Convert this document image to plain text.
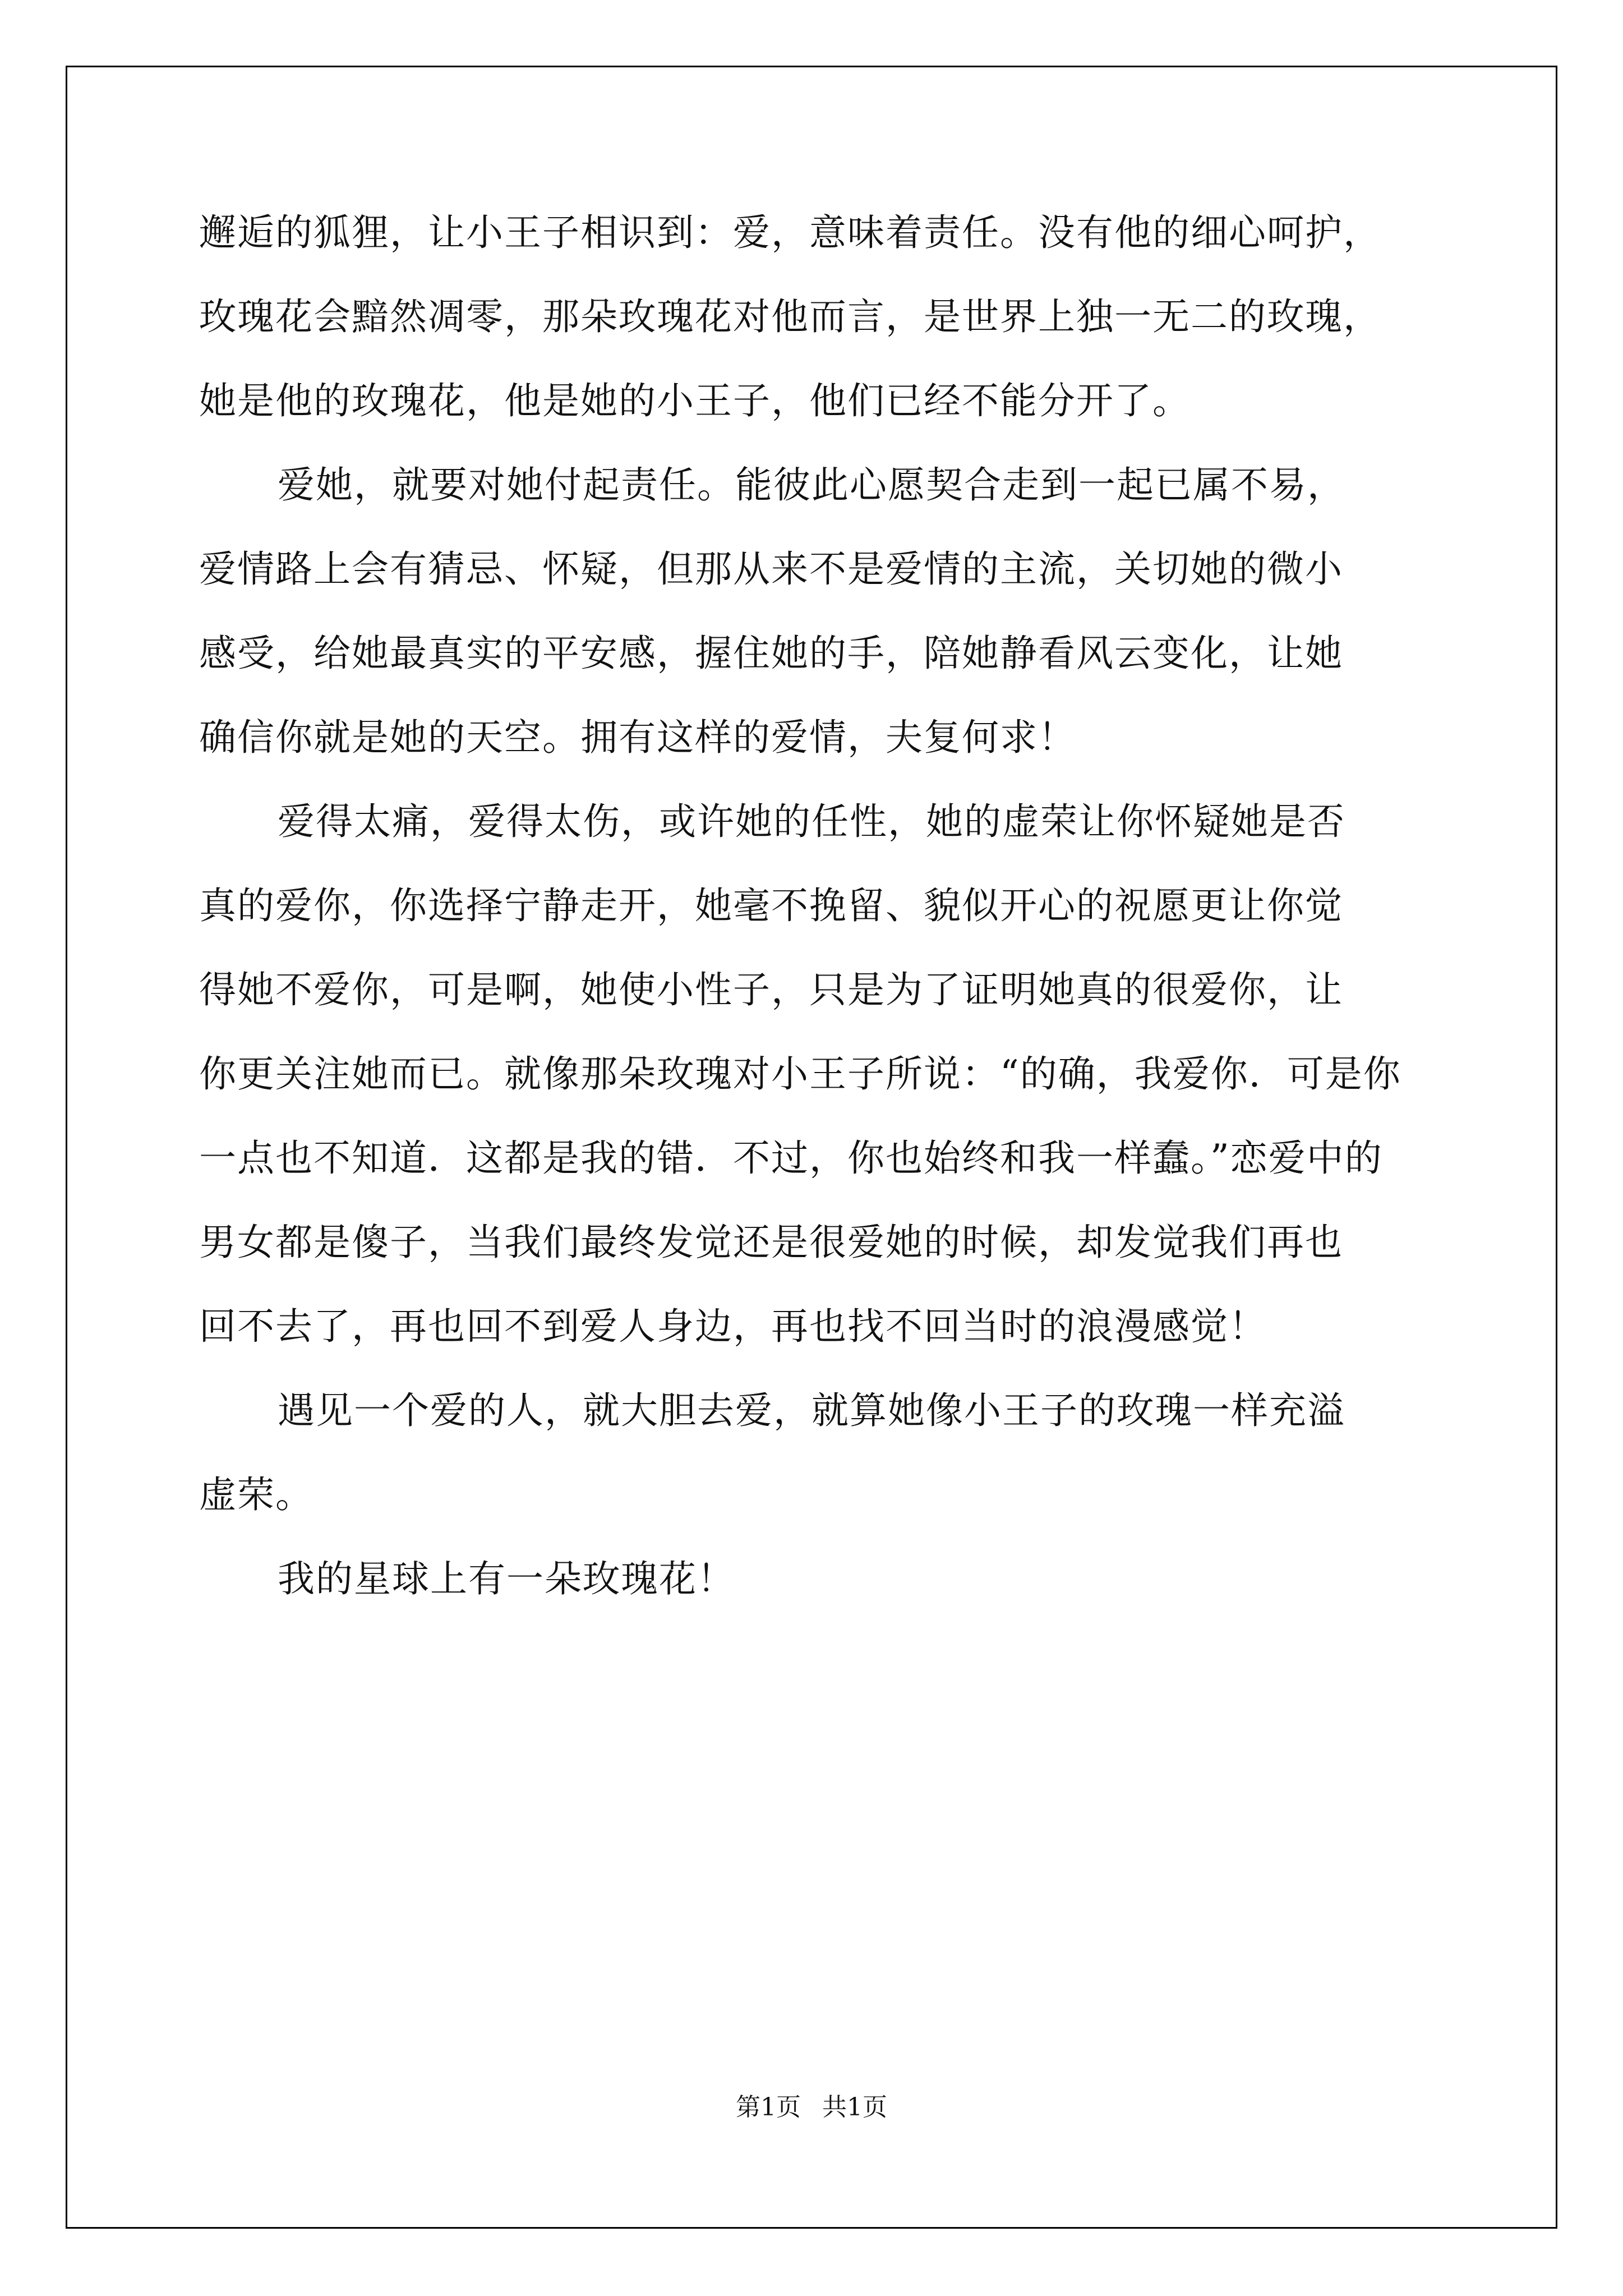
邂逅的狐狸，让小王子相识到：爱，意味着责任。没有他的细心呵护，
玫瑰花会黯然凋零，那朵玫瑰花对他而言，是世界上独一无二的玫瑰，
她是他的玫瑰花，他是她的小王子，他们已经不能分开了。

爱她，就要对她付起责任。能彼此心愿契合走到一起已属不易，
爱情路上会有猜忌、怀疑，但那从来不是爱情的主流，关切她的微小
感受，给她最真实的平安感，握住她的手，陪她静看风云变化，让她
确信你就是她的天空。拥有这样的爱情，夫复何求！

爱得太痛，爱得太伤，或许她的任性，她的虚荣让你怀疑她是否
真的爱你，你选择宁静走开，她毫不挽留、貌似开心的祝愿更让你觉
得她不爱你，可是啊，她使小性子，只是为了证明她真的很爱你，让
你更关注她而已。就像那朵玫瑰对小王子所说：“的确，我爱你．可是你
一点也不知道．这都是我的错．不过，你也始终和我一样蠢。”恋爱中的
男女都是傻子，当我们最终发觉还是很爱她的时候，却发觉我们再也
回不去了，再也回不到爱人身边，再也找不回当时的浪漫感觉！

遇见一个爱的人，就大胆去爱，就算她像小王子的玫瑰一样充溢
虚荣。

我的星球上有一朵玫瑰花！

第1页 共1页
